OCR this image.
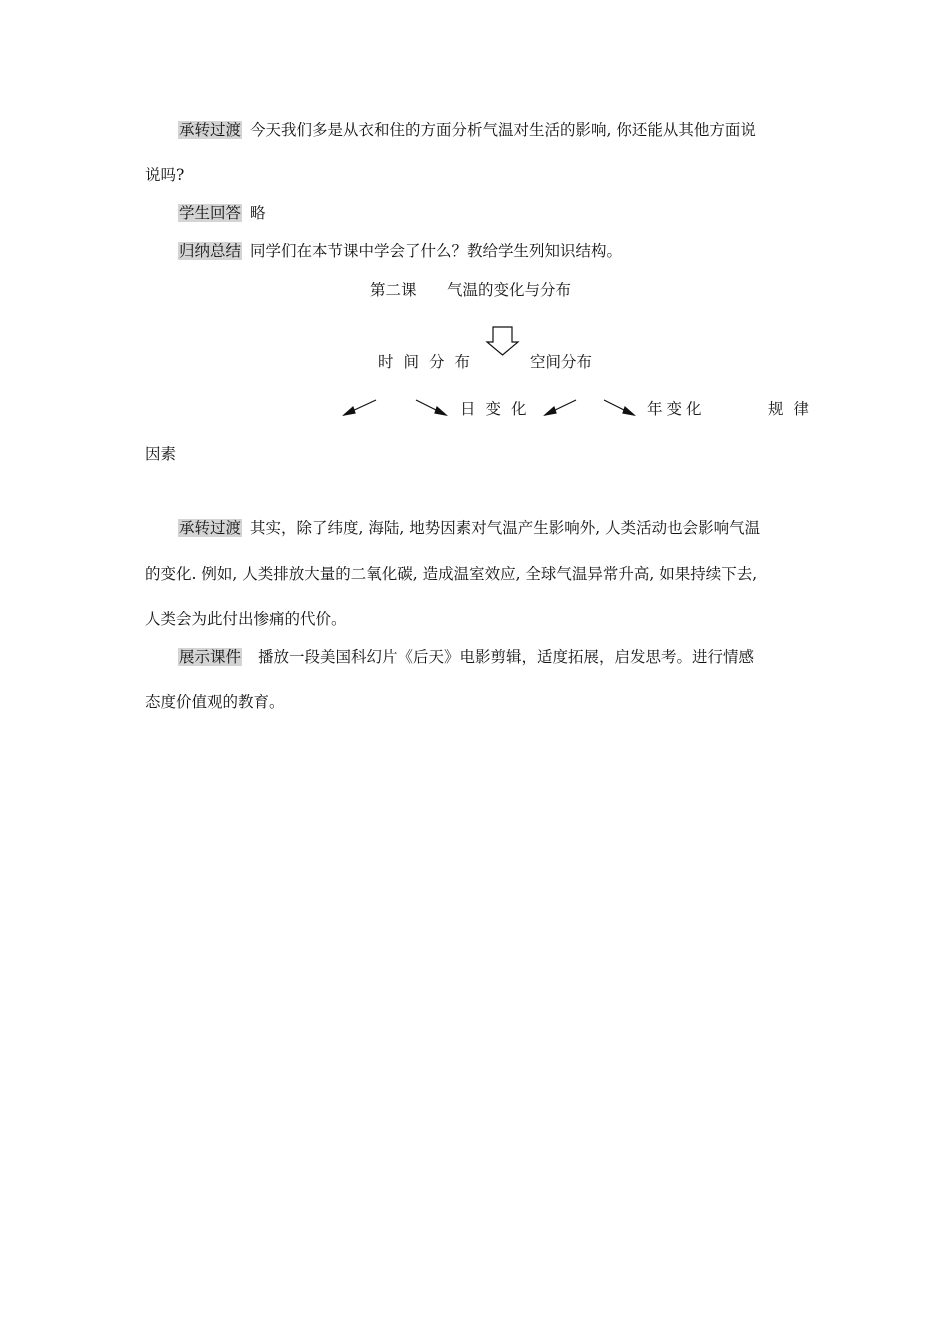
承转过渡 今天我们多是从衣和住的方面分析气温对生活的影响, 你还能从其他方面说
说吗?
学生回答 略
归纳总结 同学们在本节课中学会了什么？教给学生列知识结构。
第二课 气温的变化与分布
时间分布	空间分布
日变化	年变化	规律
因素
承转过渡 其实，除了纬度, 海陆, 地势因素对气温产生影响外, 人类活动也会影响气温
的变化. 例如, 人类排放大量的二氧化碳, 造成温室效应, 全球气温异常升高, 如果持续下去,
人类会为此付出惨痛的代价。
展示课件 播放一段美国科幻片《后天》电影剪辑，适度拓展，启发思考。进行情感
态度价值观的教育。
